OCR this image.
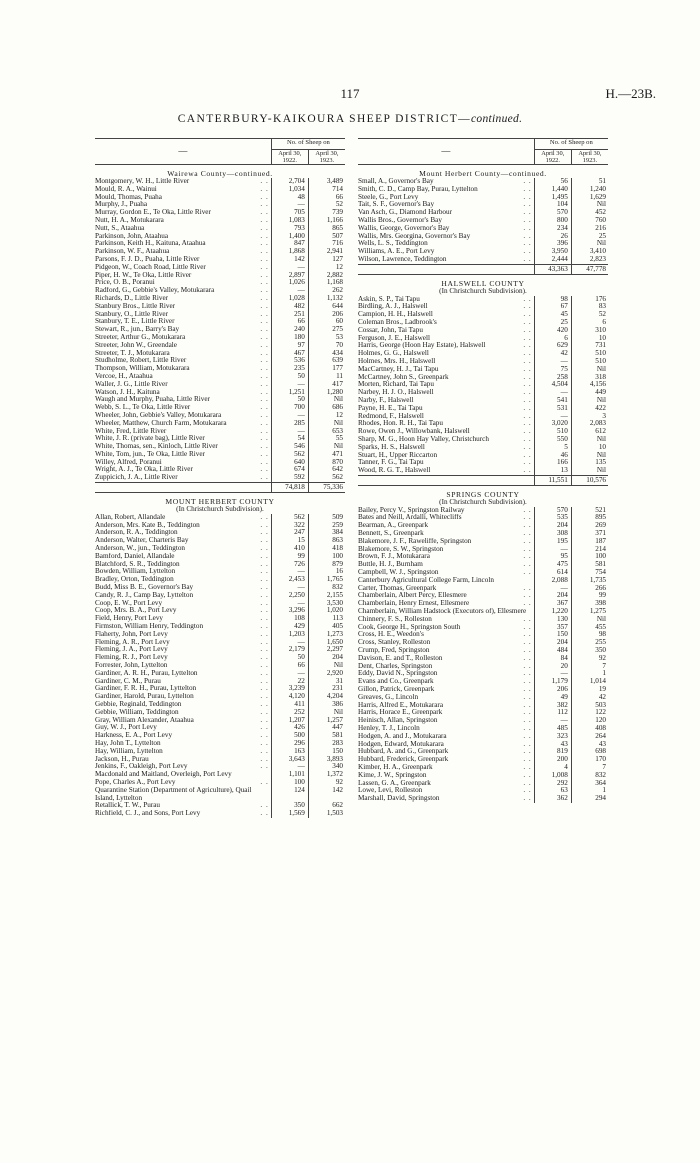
117	H.—23B.
CANTERBURY-KAIKOURA SHEEP DISTRICT—continued.
—		No. of Sheep on	
		April 30,
1922.	April 30,
1923.

Wairewa County—continued.			
Montgomery, W. H., Little River	. .	2,704	3,489
Mould, R. A., Wainui	. .	1,034	714
Mould, Thomas, Puaha	. .	48	66
Murphy, J., Puaha	. .	—	52
Murray, Gordon E., Te Oka, Little River	. .	705	739
Nutt, H. A., Motukarara	. .	1,083	1,166
Nutt, S., Ataahua	. .	793	865
Parkinson, John, Ataahua	. .	1,400	507
Parkinson, Keith H., Kaituna, Ataahua	. .	847	716
Parkinson, W. F., Ataahua	. .	1,868	2,941
Parsons, F. J. D., Puaha, Little River	. .	142	127
Pidgeon, W., Coach Road, Little River	. .	—	12
Piper, H. W., Te Oka, Little River	. .	2,897	2,882
Price, O. B., Poranui	. .	1,026	1,168
Radford, G., Gebbie's Valley, Motukarara	. .	—	262
Richards, D., Little River	. .	1,028	1,132
Stanbury Bros., Little River	. .	482	644
Stanbury, O., Little River	. .	251	206
Stanbury, T. E., Little River	. .	66	60
Stewart, R., jun., Barry's Bay	. .	240	275
Streeter, Arthur G., Motukarara	. .	180	53
Streeter, John W., Greendale	. .	97	70
Streeter, T. J., Motukarara	. .	467	434
Studholme, Robert, Little River	. .	536	639
Thompson, William, Motukarara	. .	235	177
Vercoe, H., Ataahua	. .	50	11
Waller, J. G., Little River	. .	—	417
Watson, J. H., Kaituna	. .	1,251	1,280
Waugh and Murphy, Puaha, Little River	. .	50	Nil
Webb, S. L., Te Oka, Little River	. .	700	686
Wheeler, John, Gebbie's Valley, Motukarara	. .	—	12
Wheeler, Matthew, Church Farm, Motukarara	. .	285	Nil
White, Fred, Little River	. .	—	653
White, J. R. (private bag), Little River	. .	54	55
White, Thomas, sen., Kinloch, Little River	. .	546	Nil
White, Tom, jun., Te Oka, Little River	. .	562	471
Willey, Alfred, Poranui	. .	640	870
Wright, A. J., Te Oka, Little River	. .	674	642
Zuppicich, J. A., Little River	. .	592	562
		74,818	75,336

MOUNT HERBERT COUNTY			
(In Christchurch Subdivision).			
Allan, Robert, Allandale	. .	562	509
Anderson, Mrs. Kate B., Teddington	. .	322	259
Anderson, R. A., Teddington	. .	247	384
Anderson, Walter, Charteris Bay	. .	15	863
Anderson, W., jun., Teddington	. .	410	418
Bamford, Daniel, Allandale	. .	99	100
Blatchford, S. R., Teddington	. .	726	879
Bowden, William, Lyttelton	. .	—	16
Bradley, Orton, Teddington	. .	2,453	1,765
Budd, Miss B. E., Governor's Bay	. .	—	832
Candy, R. J., Camp Bay, Lyttelton	. .	2,250	2,155
Coop, E. W., Port Levy	. .	—	3,530
Coop, Mrs. B. A., Port Levy	. .	3,296	1,020
Field, Henry, Port Levy	. .	108	113
Firmston, William Henry, Teddington	. .	429	405
Flaherty, John, Port Levy	. .	1,203	1,273
Fleming, A. R., Port Levy	. .	—	1,650
Fleming, J. A., Port Levy	. .	2,179	2,297
Fleming, R. J., Port Levy	. .	50	204
Forrester, John, Lyttelton	. .	66	Nil
Gardiner, A. R. H., Purau, Lyttelton	. .	—	2,920
Gardiner, C. M., Purau	. .	22	31
Gardiner, F. R. H., Purau, Lyttelton	. .	3,239	231
Gardiner, Harold, Purau, Lyttelton	. .	4,120	4,204
Gebbie, Reginald, Teddington	. .	411	386
Gebbie, William, Teddington	. .	252	Nil
Gray, William Alexander, Ataahua	. .	1,207	1,257
Guy, W. J., Port Levy	. .	426	447
Harkness, E. A., Port Levy	. .	500	581
Hay, John T., Lyttelton	. .	296	283
Hay, William, Lyttelton	. .	163	150
Jackson, H., Purau	. .	3,643	3,893
Jenkins, F., Oakleigh, Port Levy	. .	—	340
Macdonald and Maitland, Overleigh, Port Levy		1,101	1,372
Pope, Charles A., Port Levy	. .	100	92
Quarantine Station (Department of Agriculture), Quail Island, Lyttelton		124	142
Retallick, T. W., Purau	. .	350	662
Richfield, C. J., and Sons, Port Levy	. .	1,569	1,503
—		No. of Sheep on	
		April 30,
1922.	April 30,
1923.

Mount Herbert County—continued.			
Small, A., Governor's Bay	. .	56	51
Smith, C. D., Camp Bay, Purau, Lyttelton	. .	1,440	1,240
Steele, G., Port Levy	. .	1,495	1,629
Tait, S. F., Governor's Bay	. .	104	Nil
Van Asch, G., Diamond Harbour	. .	570	452
Wallis Bros., Governor's Bay	. .	800	760
Wallis, George, Governor's Bay	. .	234	216
Wallis, Mrs. Georgina, Governor's Bay	. .	26	25
Wells, L. S., Teddington	. .	396	Nil
Williams, A. E., Port Levy	. .	3,950	3,410
Wilson, Lawrence, Teddington	. .	2,444	2,823
		43,363	47,778

HALSWELL COUNTY			
(In Christchurch Subdivision).			
Askin, S. P., Tai Tapu	. .	98	176
Birdling, A. J., Halswell	. .	67	83
Campion, H. H., Halswell	. .	45	52
Coleman Bros., Ladbrook's	. .	25	6
Cossar, John, Tai Tapu	. .	420	310
Ferguson, J. E., Halswell	. .	6	10
Harris, George (Hoon Hay Estate), Halswell	. .	629	731
Holmes, G. G., Halswell	. .	42	510
Holmes, Mrs. H., Halswell	. .	—	510
MacCartney, H. J., Tai Tapu	. .	75	Nil
McCartney, John S., Greenpark	. .	258	318
Morten, Richard, Tai Tapu	. .	4,504	4,156
Narbey, H. J. O., Halswell	. .	—	449
Narby, F., Halswell	. .	541	Nil
Payne, H. E., Tai Tapu	. .	531	422
Redmond, F., Halswell	. .	—	3
Rhodes, Hon. R. H., Tai Tapu	. .	3,020	2,083
Rowe, Owen J., Willowbank, Halswell	. .	510	612
Sharp, M. G., Hoon Hay Valley, Christchurch	. .	550	Nil
Sparks, H. S., Halswell	. .	5	10
Stuart, H., Upper Riccarton	. .	46	Nil
Tanner, F. G., Tai Tapu	. .	166	135
Wood, R. G. T., Halswell	. .	13	Nil
		11,551	10,576

SPRINGS COUNTY			
(In Christchurch Subdivision).			
Bailey, Percy V., Springston Railway	. .	570	521
Bates and Neill, Ardalli, Whitecliffs	. .	535	895
Bearman, A., Greenpark	. .	204	269
Bennett, S., Greenpark	. .	308	371
Blakemore, J. F., Raweliffe, Springston	. .	195	187
Blakemore, S. W., Springston	. .	—	214
Brown, F. J., Motukarara	. .	95	100
Buttle, H. J., Burnham	. .	475	581
Campbell, W. J., Springston	. .	614	754
Canterbury Agricultural College Farm, Lincoln		2,088	1,735
Carter, Thomas, Greenpark	. .	—	266
Chamberlain, Albert Percy, Ellesmere	. .	204	99
Chamberlain, Henry Ernest, Ellesmere	. .	367	398
Chamberlain, William Hadstock (Executors of), Ellesmere		1,220	1,275
Chinnery, F. S., Rolleston	. .	130	Nil
Cook, George H., Springston South	. .	357	455
Cross, H. E., Weedon's	. .	150	98
Cross, Stanley, Rolleston	. .	204	255
Crump, Fred, Springston	. .	484	350
Davison, E. and T., Rolleston	. .	84	92
Dent, Charles, Springston	. .	20	7
Eddy, David N., Springston	. .	—	1
Evans and Co., Greenpark	. .	1,179	1,014
Gillon, Patrick, Greenpark	. .	206	19
Greaves, G., Lincoln	. .	49	42
Harris, Alfred E., Motukarara	. .	382	503
Harris, Horace E., Greenpark	. .	112	122
Heinisch, Allan, Springston	. .	—	120
Henley, T. J., Lincoln	. .	485	408
Hodgen, A. and J., Motukarara	. .	323	264
Hodgen, Edward, Motukarara	. .	43	43
Hubbard, A. and G., Greenpark	. .	819	698
Hubbard, Frederick, Greenpark	. .	200	170
Kimber, H. A., Greenpark	. .	4	7
Kime, J. W., Springston	. .	1,008	832
Lassen, G. A., Greenpark	. .	292	364
Lowe, Levi, Rolleston	. .	63	1
Marshall, David, Springston	. .	362	294
